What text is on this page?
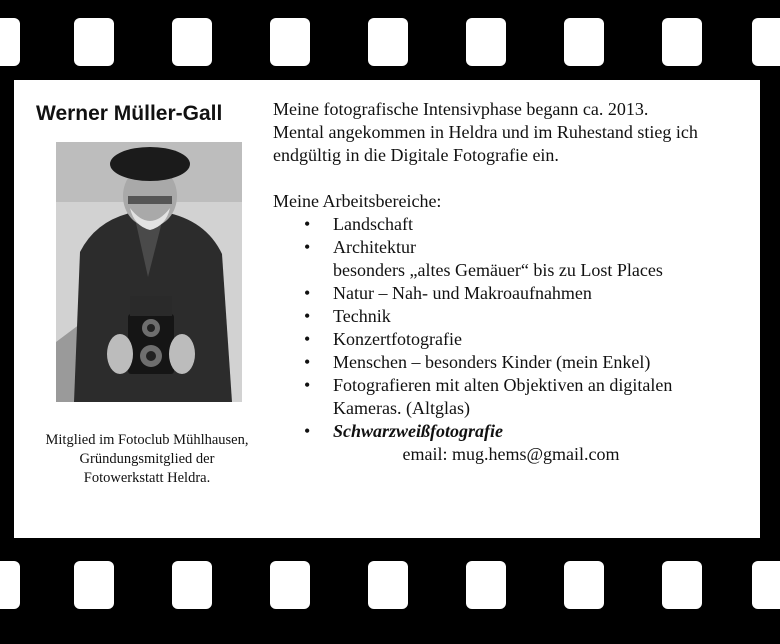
Werner Müller-Gall
Mitglied im Fotoclub Mühlhausen,
Gründungsmitglied der
Fotowerkstatt Heldra.

Meine fotografische Intensivphase begann ca. 2013.
Mental angekommen in Heldra und im Ruhestand stieg ich
endgültig in die Digitale Fotografie ein.

Meine Arbeitsbereiche:

• Landschaft
• Architektur
besonders „altes Gemäuer“ bis zu Lost Places
• Natur – Nah- und Makroaufnahmen
• Technik
• Konzertfotografie
• Menschen – besonders Kinder (mein Enkel)
• Fotografieren mit alten Objektiven an digitalen
Kameras. (Altglas)
• Schwarzweißfotografie

email: mug.hems@gmail.com
